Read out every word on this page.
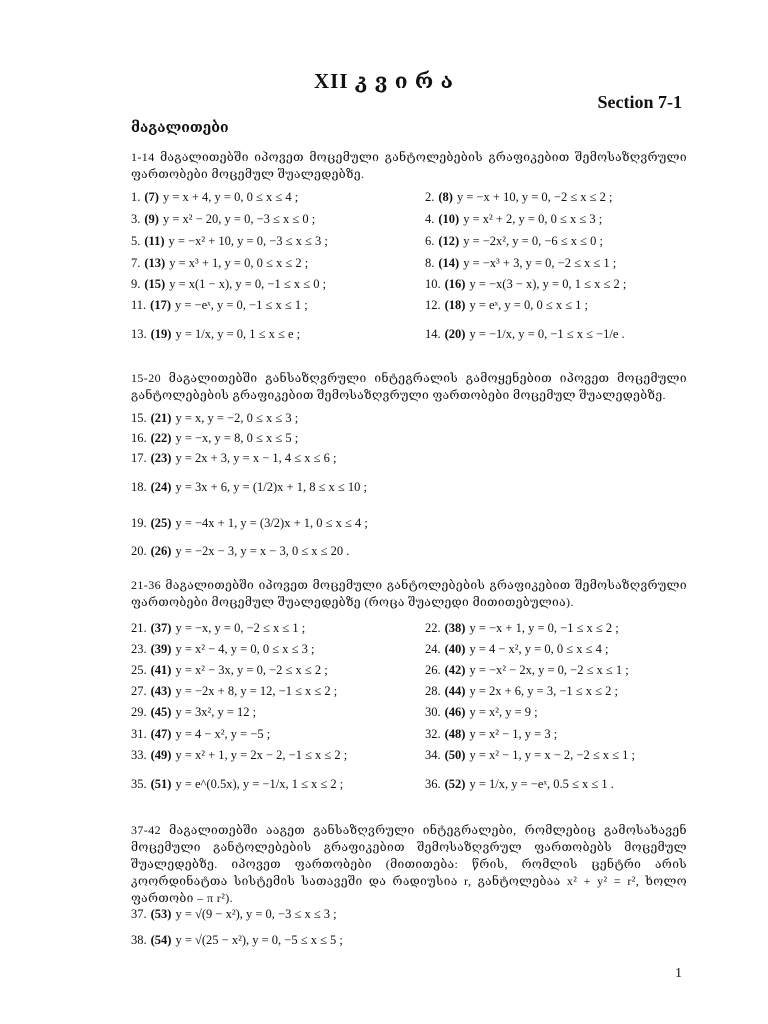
XII კ ვ ი რ ა
Section 7-1
მაგალითები
1-14 მაგალითებში იპოვეთ მოცემული განტოლებების გრაფიკებით შემოსაზღვრული ფართობები მოცემულ შუალედებზე.
1. (7) y = x + 4, y = 0, 0 ≤ x ≤ 4 ;	2. (8) y = −x + 10, y = 0, −2 ≤ x ≤ 2 ;
3. (9) y = x² − 20, y = 0, −3 ≤ x ≤ 0 ;	4. (10) y = x² + 2, y = 0, 0 ≤ x ≤ 3 ;
5. (11) y = −x² + 10, y = 0, −3 ≤ x ≤ 3 ;	6. (12) y = −2x², y = 0, −6 ≤ x ≤ 0 ;
7. (13) y = x³ + 1, y = 0, 0 ≤ x ≤ 2 ;	8. (14) y = −x³ + 3, y = 0, −2 ≤ x ≤ 1 ;
9. (15) y = x(1 − x), y = 0, −1 ≤ x ≤ 0 ;	10. (16) y = −x(3 − x), y = 0, 1 ≤ x ≤ 2 ;
11. (17) y = −eˣ, y = 0, −1 ≤ x ≤ 1 ;	12. (18) y = eˣ, y = 0, 0 ≤ x ≤ 1 ;
13. (19) y = 1/x, y = 0, 1 ≤ x ≤ e ;	14. (20) y = −1/x, y = 0, −1 ≤ x ≤ −1/e .
15-20 მაგალითებში განსაზღვრული ინტეგრალის გამოყენებით იპოვეთ მოცემული განტოლებების გრაფიკებით შემოსაზღვრული ფართობები მოცემულ შუალედებზე.
15. (21) y = x, y = −2, 0 ≤ x ≤ 3 ;
16. (22) y = −x, y = 8, 0 ≤ x ≤ 5 ;
17. (23) y = 2x + 3, y = x − 1, 4 ≤ x ≤ 6 ;
18. (24) y = 3x + 6, y = (1/2)x + 1, 8 ≤ x ≤ 10 ;
19. (25) y = −4x + 1, y = (3/2)x + 1, 0 ≤ x ≤ 4 ;
20. (26) y = −2x − 3, y = x − 3, 0 ≤ x ≤ 20 .
21-36 მაგალითებში იპოვეთ მოცემული განტოლებების გრაფიკებით შემოსაზღვრული ფართობები მოცემულ შუალედებზე (როცა შუალედი მითითებულია).
21. (37) y = −x, y = 0, −2 ≤ x ≤ 1 ;	22. (38) y = −x + 1, y = 0, −1 ≤ x ≤ 2 ;
23. (39) y = x² − 4, y = 0, 0 ≤ x ≤ 3 ;	24. (40) y = 4 − x², y = 0, 0 ≤ x ≤ 4 ;
25. (41) y = x² − 3x, y = 0, −2 ≤ x ≤ 2 ;	26. (42) y = −x² − 2x, y = 0, −2 ≤ x ≤ 1 ;
27. (43) y = −2x + 8, y = 12, −1 ≤ x ≤ 2 ;	28. (44) y = 2x + 6, y = 3, −1 ≤ x ≤ 2 ;
29. (45) y = 3x², y = 12 ;	30. (46) y = x², y = 9 ;
31. (47) y = 4 − x², y = −5 ;	32. (48) y = x² − 1, y = 3 ;
33. (49) y = x² + 1, y = 2x − 2, −1 ≤ x ≤ 2 ;	34. (50) y = x² − 1, y = x − 2, −2 ≤ x ≤ 1 ;
35. (51) y = e^(0.5x), y = −1/x, 1 ≤ x ≤ 2 ;	36. (52) y = 1/x, y = −eˣ, 0.5 ≤ x ≤ 1 .
37-42 მაგალითებში ააგეთ განსაზღვრული ინტეგრალები, რომლებიც გამოსახავენ მოცემული განტოლებების გრაფიკებით შემოსაზღვრულ ფართობებს მოცემულ შუალედებზე. იპოვეთ ფართობები (მითითება: წრის, რომლის ცენტრი არის კოორდინატთა სისტემის სათავეში და რადიუსია r, განტოლებაა x² + y² = r², ხოლო ფართობი – π r²).
37. (53) y = √(9 − x²), y = 0, −3 ≤ x ≤ 3 ;
38. (54) y = √(25 − x²), y = 0, −5 ≤ x ≤ 5 ;
1
